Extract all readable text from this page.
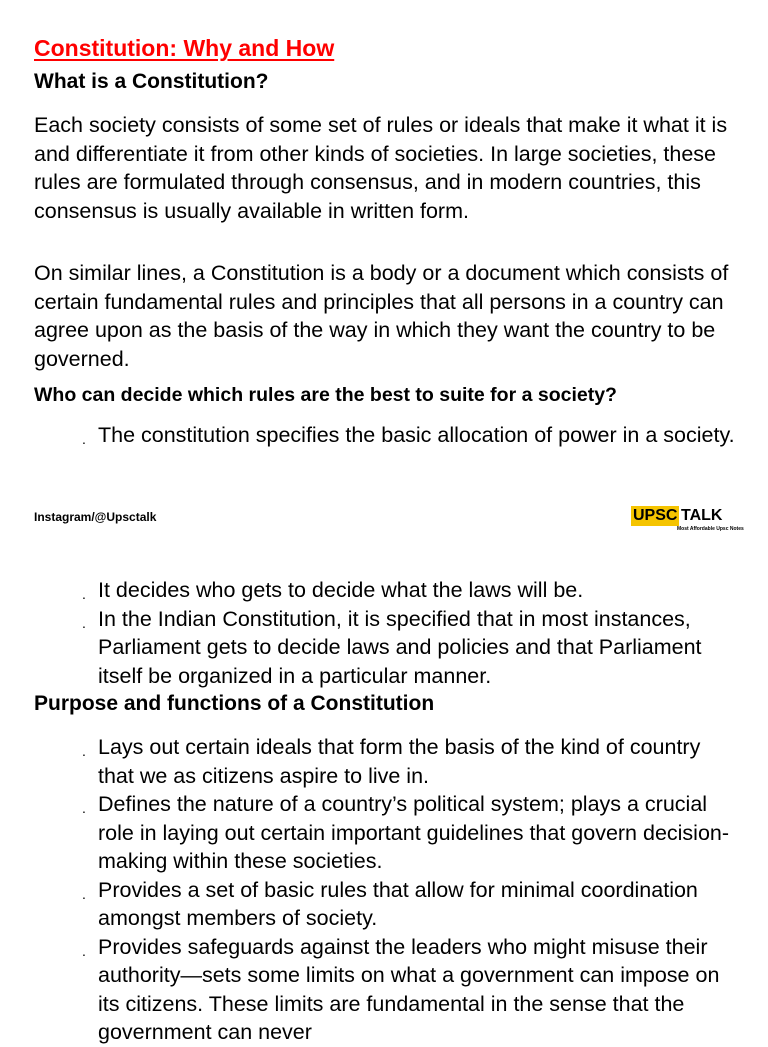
Constitution: Why and How
What is a Constitution?

Each society consists of some set of rules or ideals that make it what it is and differentiate it from other kinds of societies. In large societies, these rules are formulated through consensus, and in modern countries, this consensus is usually available in written form.

On similar lines, a Constitution is a body or a document which consists of certain fundamental rules and principles that all persons in a country can agree upon as the basis of the way in which they want the country to be governed.

Who can decide which rules are the best to suite for a society?

. The constitution specifies the basic allocation of power in a society.
Instagram/@Upsctalk	UPSC TALK
Most Affordable Upsc Notes
. It decides who gets to decide what the laws will be.
. In the Indian Constitution, it is specified that in most instances, Parliament gets to decide laws and policies and that Parliament itself be organized in a particular manner.
Purpose and functions of a Constitution
. Lays out certain ideals that form the basis of the kind of country that we as citizens aspire to live in.
. Defines the nature of a country’s political system; plays a crucial role in laying out certain important guidelines that govern decision-making within these societies.
. Provides a set of basic rules that allow for minimal coordination amongst members of society.
. Provides safeguards against the leaders who might misuse their authority—sets some limits on what a government can impose on its citizens. These limits are fundamental in the sense that the government can never
